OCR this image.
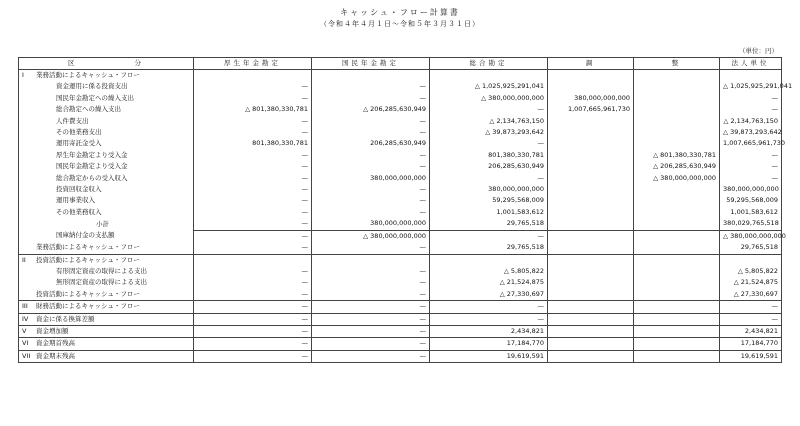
キャッシュ・フロー計算書
（令和４年４月１日〜令和５年３月３１日）
（単位：円）
区　　　　　　分	厚生年金勘定	国民年金勘定	総合勘定	調	整	法人単位
I 業務活動によるキャッシュ・フロー						
資金運用に係る投資支出	—	—	△ 1,025,925,291,041			△ 1,025,925,291,041
国民年金勘定への繰入支出	—	—	△ 380,000,000,000	380,000,000,000		—
総合勘定への繰入支出	△ 801,380,330,781	△ 206,285,630,949	—	1,007,665,961,730		—
人件費支出	—	—	△ 2,134,763,150			△ 2,134,763,150
その他業務支出	—	—	△ 39,873,293,642			△ 39,873,293,642
運用寄託金受入	801,380,330,781	206,285,630,949	—			1,007,665,961,730
厚生年金勘定より受入金	—	—	801,380,330,781		△ 801,380,330,781	—
国民年金勘定より受入金	—	—	206,285,630,949		△ 206,285,630,949	—
総合勘定からの受入収入	—	380,000,000,000	—		△ 380,000,000,000	—
投資回収金収入	—	—	380,000,000,000			380,000,000,000
運用事業収入	—	—	59,295,568,009			59,295,568,009
その他業務収入	—	—	1,001,583,612			1,001,583,612
小計	—	380,000,000,000	29,765,518			380,029,765,518
国庫納付金の支払額	—	△ 380,000,000,000	—			△ 380,000,000,000
業務活動によるキャッシュ・フロー	—	—	29,765,518			29,765,518
II 投資活動によるキャッシュ・フロー						
有形固定資産の取得による支出	—	—	△ 5,805,822			△ 5,805,822
無形固定資産の取得による支出	—	—	△ 21,524,875			△ 21,524,875
投資活動によるキャッシュ・フロー	—	—	△ 27,330,697			△ 27,330,697
III 財務活動によるキャッシュ・フロー	—	—	—			—
IV 資金に係る換算差額	—	—	—			—
V 資金増加額	—	—	2,434,821			2,434,821
VI 資金期首残高	—	—	17,184,770			17,184,770
VII 資金期末残高	—	—	19,619,591			19,619,591
